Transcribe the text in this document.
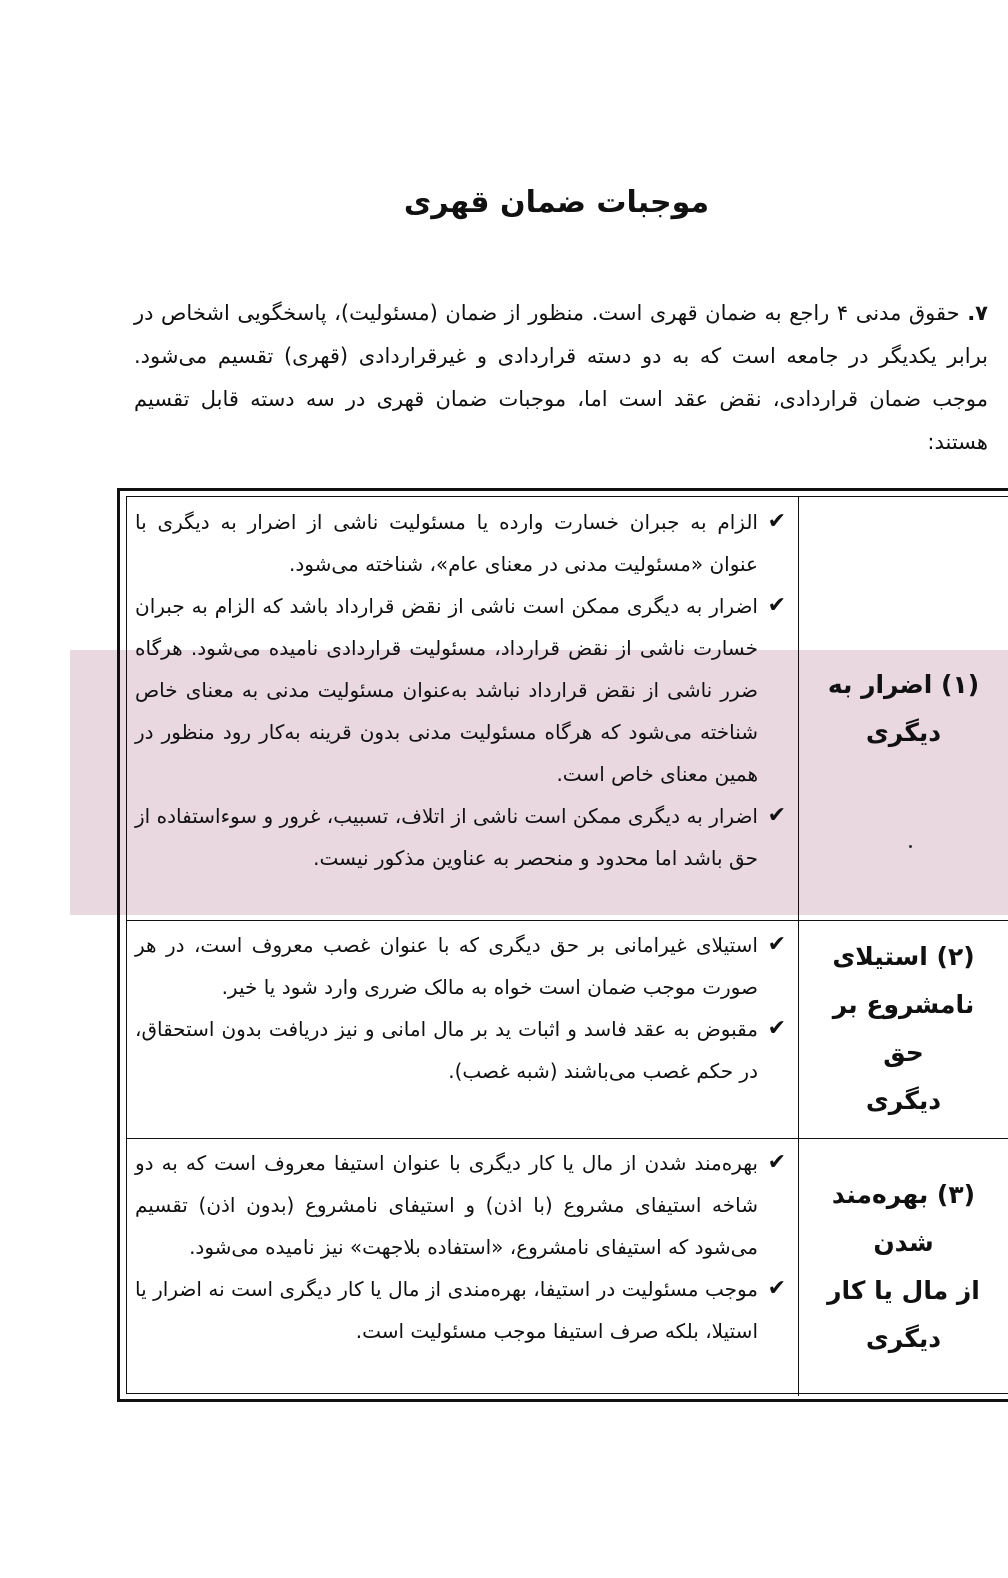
موجبات ضمان قهری
۷. حقوق مدنی ۴ راجع به ضمان قهری است. منظور از ضمان (مسئولیت)، پاسخگویی اشخاص در برابر یکدیگر در جامعه است که به دو دسته قراردادی و غیرقراردادی (قهری) تقسیم می‌شود. موجب ضمان قراردادی، نقض عقد است اما، موجبات ضمان قهری در سه دسته قابل تقسیم هستند:
(۱) اضرار به
دیگری
✔
الزام به جبران خسارت وارده یا مسئولیت ناشی از اضرار به دیگری با عنوان «مسئولیت مدنی در معنای عام»، شناخته می‌شود.
✔
اضرار به دیگری ممکن است ناشی از نقض قرارداد باشد که الزام به جبران خسارت ناشی از نقض قرارداد، مسئولیت قراردادی نامیده می‌شود. هرگاه ضرر ناشی از نقض قرارداد نباشد به‌عنوان مسئولیت مدنی به معنای خاص شناخته می‌شود که هرگاه مسئولیت مدنی بدون قرینه به‌کار رود منظور در همین معنای خاص است.
✔
اضرار به دیگری ممکن است ناشی از اتلاف، تسبیب، غرور و سوءاستفاده از حق باشد اما محدود و منحصر به عناوین مذکور نیست.
(۲) استیلای
نامشروع بر حق
دیگری
✔
استیلای غیرامانی بر حق دیگری که با عنوان غصب معروف است، در هر صورت موجب ضمان است خواه به مالک ضرری وارد شود یا خیر.
✔
مقبوض به عقد فاسد و اثبات ید بر مال امانی و نیز دریافت بدون استحقاق، در حکم غصب می‌باشند (شبه غصب).
(۳) بهره‌مند شدن
از مال یا کار
دیگری
✔
بهره‌مند شدن از مال یا کار دیگری با عنوان استیفا معروف است که به دو شاخه استیفای مشروع (با اذن) و استیفای نامشروع (بدون اذن) تقسیم می‌شود که استیفای نامشروع، «استفاده بلاجهت» نیز نامیده می‌شود.
✔
موجب مسئولیت در استیفا، بهره‌مندی از مال یا کار دیگری است نه اضرار یا استیلا، بلکه صرف استیفا موجب مسئولیت است.
